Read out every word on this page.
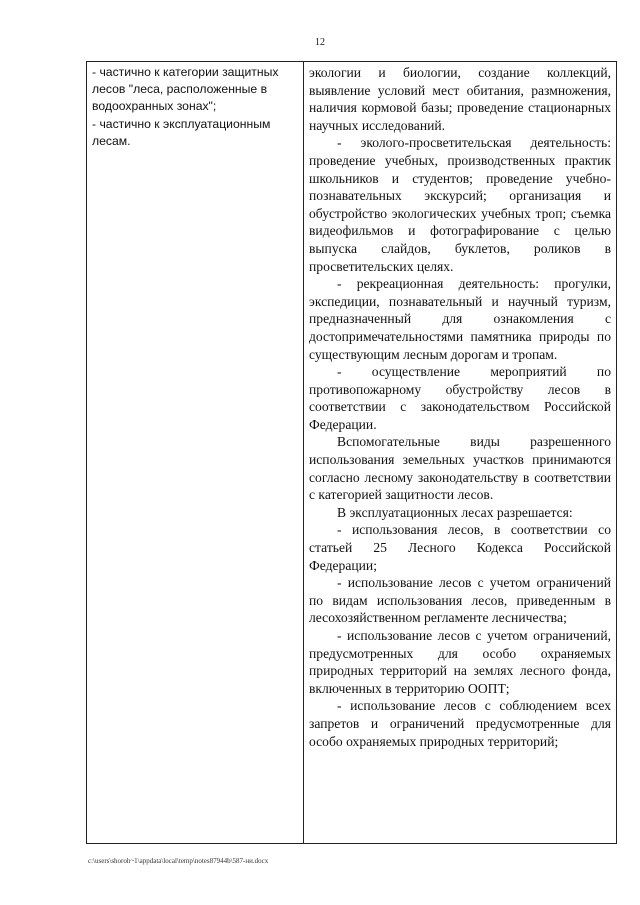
12

- частично к категории защитных лесов "леса, расположенные в водоохранных зонах";

- частично к эксплуатационным лесам.

экологии и биологии, создание коллекций, выявление условий мест обитания, размножения, наличия кормовой базы; проведение стационарных научных исследований.

- эколого-просветительская деятельность: проведение учебных, производственных практик школьников и студентов; проведение учебно-познавательных экскурсий; организация и обустройство экологических учебных троп; съемка видеофильмов и фотографирование с целью выпуска слайдов, буклетов, роликов в просветительских целях.

- рекреационная деятельность: прогулки, экспедиции, познавательный и научный туризм, предназначенный для ознакомления с достопримечательностями памятника природы по существующим лесным дорогам и тропам.

- осуществление мероприятий по противопожарному обустройству лесов в соответствии с законодательством Российской Федерации.

Вспомогательные виды разрешенного использования земельных участков принимаются согласно лесному законодательству в соответствии с категорией защитности лесов.

В эксплуатационных лесах разрешается:

- использования лесов, в соответствии со статьей 25 Лесного Кодекса Российской Федерации;

- использование лесов с учетом ограничений по видам использования лесов, приведенным в лесохозяйственном регламенте лесничества;

- использование лесов с учетом ограничений, предусмотренных для особо охраняемых природных территорий на землях лесного фонда, включенных в территорию ООПТ;

- использование лесов с соблюдением всех запретов и ограничений предусмотренные для особо охраняемых природных территорий;

c:\users\shoroh~1\appdata\local\temp\notes87944b\587-ни.docx
